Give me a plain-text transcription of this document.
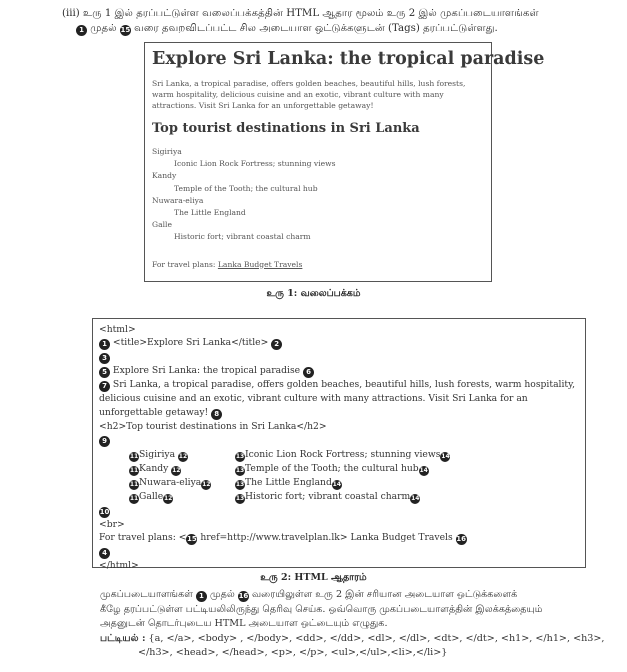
(iii) உரு 1 இல் தரப்பட்டுள்ள வலைப்பக்கத்தின் HTML ஆதார மூலம் உரு 2 இல் முகப்படையாளங்கள்
1 முதல் 15 வரை தவறவிடப்பட்ட சில அடையாள ஒட்டுக்களுடன் (Tags) தரப்பட்டுள்ளது.
Explore Sri Lanka: the tropical paradise
Sri Lanka, a tropical paradise, offers golden beaches, beautiful hills, lush forests, warm hospitality, delicious cuisine and an exotic, vibrant culture with many attractions. Visit Sri Lanka for an unforgettable getaway!
Top tourist destinations in Sri Lanka
Sigiriya
Iconic Lion Rock Fortress; stunning views
Kandy
Temple of the Tooth; the cultural hub
Nuwara-eliya
The Little England
Galle
Historic fort; vibrant coastal charm
For travel plans: Lanka Budget Travels
உரு 1: வலைப்பக்கம்
<html>
1 <title>Explore Sri Lanka</title> 2
3
5 Explore Sri Lanka: the tropical paradise 6
7 Sri Lanka, a tropical paradise, offers golden beaches, beautiful hills, lush forests, warm hospitality, delicious cuisine and an exotic, vibrant culture with many attractions. Visit Sri Lanka for an unforgettable getaway! 8
<h2>Top tourist destinations in Sri Lanka</h2>
9
11Sigiriya 12	13Iconic Lion Rock Fortress; stunning views14
11Kandy 12	13Temple of the Tooth; the cultural hub14
11Nuwara-eliya12	13The Little England14
11Galle12	13Historic fort; vibrant coastal charm14
10
<br>
For travel plans: <15 href=http://www.travelplan.lk> Lanka Budget Travels 16
4
</html>
உரு 2: HTML ஆதாரம்
முகப்படையாளங்கள் 1 முதல் 16 வரையிலுள்ள உரு 2 இன் சரியான அடையாள ஒட்டுக்களைக்
கீழே தரப்பட்டுள்ள பட்டியலிலிருந்து தெரிவு செய்க. ஒவ்வொரு முகப்படையாளத்தின் இலக்கத்தையும்
அதனுடன் தொடர்புடைய HTML அடையாள ஒட்டையும் எழுதுக.
பட்டியல் : {a, </a>, <body> , </body>, <dd>, </dd>, <dl>, </dl>, <dt>, </dt>, <h1>, </h1>, <h3>,
</h3>, <head>, </head>, <p>, </p>, <ul>,</ul>,<li>,</li>}
